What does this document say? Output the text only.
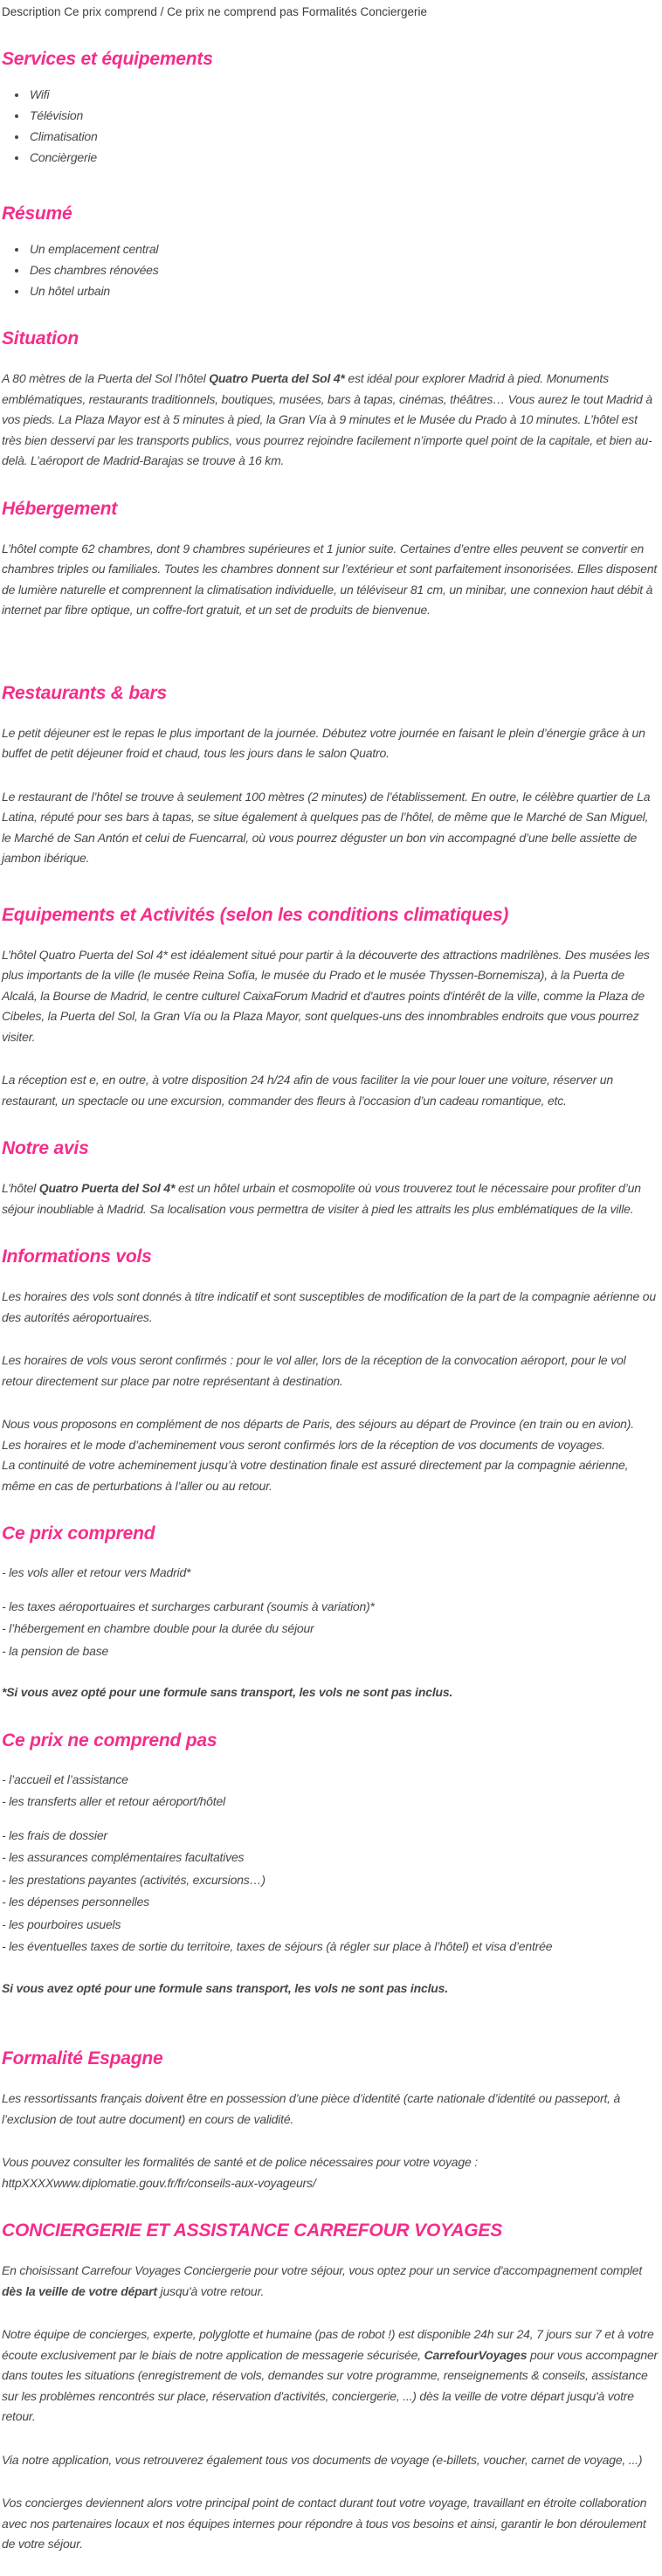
Description Ce prix comprend / Ce prix ne comprend pas Formalités Conciergerie
Services et équipements
• Wifi
• Télévision
• Climatisation
• Concièrgerie
Résumé
• Un emplacement central
• Des chambres rénovées
• Un hôtel urbain
Situation

A 80 mètres de la Puerta del Sol l’hôtel Quatro Puerta del Sol 4* est idéal pour explorer Madrid à pied. Monuments emblématiques, restaurants traditionnels, boutiques, musées, bars à tapas, cinémas, théâtres… Vous aurez le tout Madrid à vos pieds. La Plaza Mayor est à 5 minutes à pied, la Gran Vía à 9 minutes et le Musée du Prado à 10 minutes. L’hôtel est très bien desservi par les transports publics, vous pourrez rejoindre facilement n’importe quel point de la capitale, et bien au-delà. L’aéroport de Madrid-Barajas se trouve à 16 km.

Hébergement

L’hôtel compte 62 chambres, dont 9 chambres supérieures et 1 junior suite. Certaines d’entre elles peuvent se convertir en chambres triples ou familiales. Toutes les chambres donnent sur l’extérieur et sont parfaitement insonorisées. Elles disposent de lumière naturelle et comprennent la climatisation individuelle, un téléviseur 81 cm, un minibar, une connexion haut débit à internet par fibre optique, un coffre-fort gratuit, et un set de produits de bienvenue.

Restaurants & bars

Le petit déjeuner est le repas le plus important de la journée. Débutez votre journée en faisant le plein d’énergie grâce à un buffet de petit déjeuner froid et chaud, tous les jours dans le salon Quatro.

Le restaurant de l’hôtel se trouve à seulement 100 mètres (2 minutes) de l’établissement. En outre, le célèbre quartier de La Latina, réputé pour ses bars à tapas, se situe également à quelques pas de l’hôtel, de même que le Marché de San Miguel, le Marché de San Antón et celui de Fuencarral, où vous pourrez déguster un bon vin accompagné d’une belle assiette de jambon ibérique.

Equipements et Activités (selon les conditions climatiques)

L’hôtel Quatro Puerta del Sol 4* est idéalement situé pour partir à la découverte des attractions madrilènes. Des musées les plus importants de la ville (le musée Reina Sofía, le musée du Prado et le musée Thyssen-Bornemisza), à la Puerta de Alcalá, la Bourse de Madrid, le centre culturel CaixaForum Madrid et d'autres points d'intérêt de la ville, comme la Plaza de Cibeles, la Puerta del Sol, la Gran Vía ou la Plaza Mayor, sont quelques-uns des innombrables endroits que vous pourrez visiter.

La réception est e, en outre, à votre disposition 24 h/24 afin de vous faciliter la vie pour louer une voiture, réserver un restaurant, un spectacle ou une excursion, commander des fleurs à l’occasion d’un cadeau romantique, etc.

Notre avis

L’hôtel Quatro Puerta del Sol 4* est un hôtel urbain et cosmopolite où vous trouverez tout le nécessaire pour profiter d’un séjour inoubliable à Madrid. Sa localisation vous permettra de visiter à pied les attraits les plus emblématiques de la ville.

Informations vols

Les horaires des vols sont donnés à titre indicatif et sont susceptibles de modification de la part de la compagnie aérienne ou des autorités aéroportuaires.

Les horaires de vols vous seront confirmés : pour le vol aller, lors de la réception de la convocation aéroport, pour le vol retour directement sur place par notre représentant à destination.

Nous vous proposons en complément de nos départs de Paris, des séjours au départ de Province (en train ou en avion).
Les horaires et le mode d’acheminement vous seront confirmés lors de la réception de vos documents de voyages.
La continuité de votre acheminement jusqu’à votre destination finale est assuré directement par la compagnie aérienne, même en cas de perturbations à l’aller ou au retour.

Ce prix comprend
- les vols aller et retour vers Madrid*
- les taxes aéroportuaires et surcharges carburant (soumis à variation)*
- l’hébergement en chambre double pour la durée du séjour
- la pension de base

*Si vous avez opté pour une formule sans transport, les vols ne sont pas inclus.

Ce prix ne comprend pas
- l’accueil et l’assistance
- les transferts aller et retour aéroport/hôtel
- les frais de dossier
- les assurances complémentaires facultatives
- les prestations payantes (activités, excursions…)
- les dépenses personnelles
- les pourboires usuels
- les éventuelles taxes de sortie du territoire, taxes de séjours (à régler sur place à l’hôtel) et visa d’entrée

Si vous avez opté pour une formule sans transport, les vols ne sont pas inclus.

Formalité Espagne

Les ressortissants français doivent être en possession d’une pièce d’identité (carte nationale d’identité ou passeport, à l’exclusion de tout autre document) en cours de validité.

Vous pouvez consulter les formalités de santé et de police nécessaires pour votre voyage :
httpXXXXwww.diplomatie.gouv.fr/fr/conseils-aux-voyageurs/

CONCIERGERIE ET ASSISTANCE CARREFOUR VOYAGES

En choisissant Carrefour Voyages Conciergerie pour votre séjour, vous optez pour un service d'accompagnement complet dès la veille de votre départ jusqu'à votre retour.

Notre équipe de concierges, experte, polyglotte et humaine (pas de robot !) est disponible 24h sur 24, 7 jours sur 7 et à votre écoute exclusivement par le biais de notre application de messagerie sécurisée, CarrefourVoyages pour vous accompagner dans toutes les situations (enregistrement de vols, demandes sur votre programme, renseignements & conseils, assistance sur les problèmes rencontrés sur place, réservation d'activités, conciergerie, ...) dès la veille de votre départ jusqu'à votre retour.

Via notre application, vous retrouverez également tous vos documents de voyage (e-billets, voucher, carnet de voyage, ...)

Vos concierges deviennent alors votre principal point de contact durant tout votre voyage, travaillant en étroite collaboration avec nos partenaires locaux et nos équipes internes pour répondre à tous vos besoins et ainsi, garantir le bon déroulement de votre séjour.
